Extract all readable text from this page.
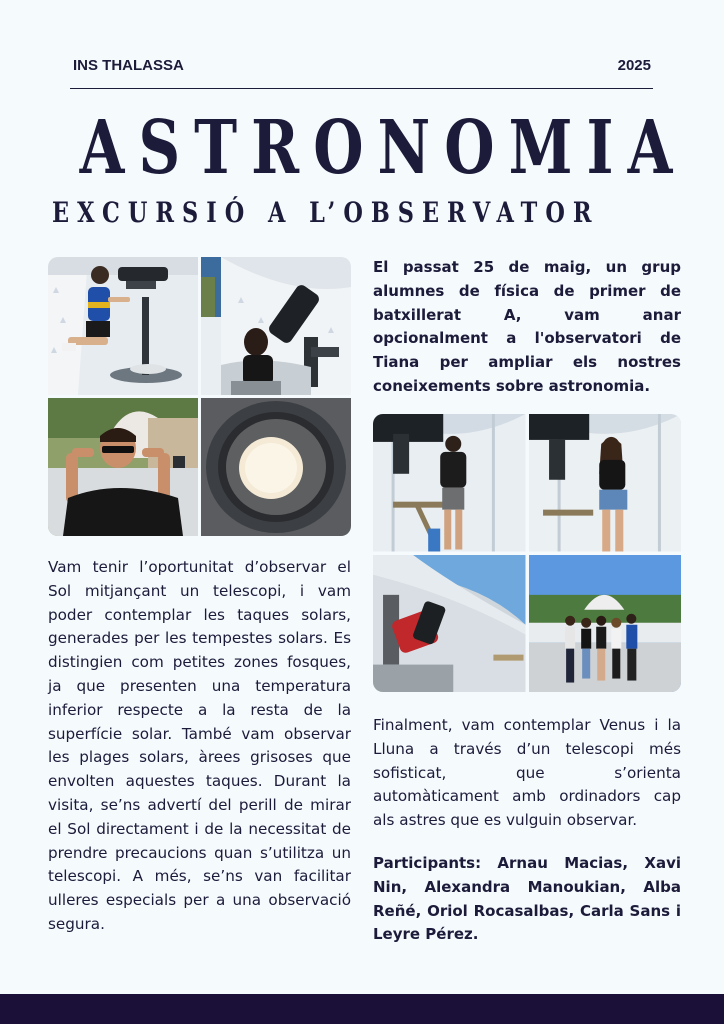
INS THALASSA	2025
ASTRONOMIA
EXCURSIÓ A L’OBSERVATOR
El passat 25 de maig, un grup alumnes de física de primer de batxillerat A, vam anar opcionalment a l'observatori de Tiana per ampliar els nostres coneixements sobre astronomia.
Vam tenir l’oportunitat d’observar el Sol mitjançant un telescopi, i vam poder contemplar les taques solars, generades per les tempestes solars. Es distingien com petites zones fosques, ja que presenten una temperatura inferior respecte a la resta de la superfície solar. També vam observar les plages solars, àrees grisoses que envolten aquestes taques. Durant la visita, se’ns advertí del perill de mirar el Sol directament i de la necessitat de prendre precaucions quan s’utilitza un telescopi. A més, se’ns van facilitar ulleres especials per a una observació segura.
Finalment, vam contemplar Venus i la Lluna a través d’un telescopi més sofisticat, que s’orienta automàticament amb ordinadors cap als astres que es vulguin observar.
Participants: Arnau Macias, Xavi Nin, Alexandra Manoukian, Alba Reñé, Oriol Rocasalbas, Carla Sans i Leyre Pérez.
